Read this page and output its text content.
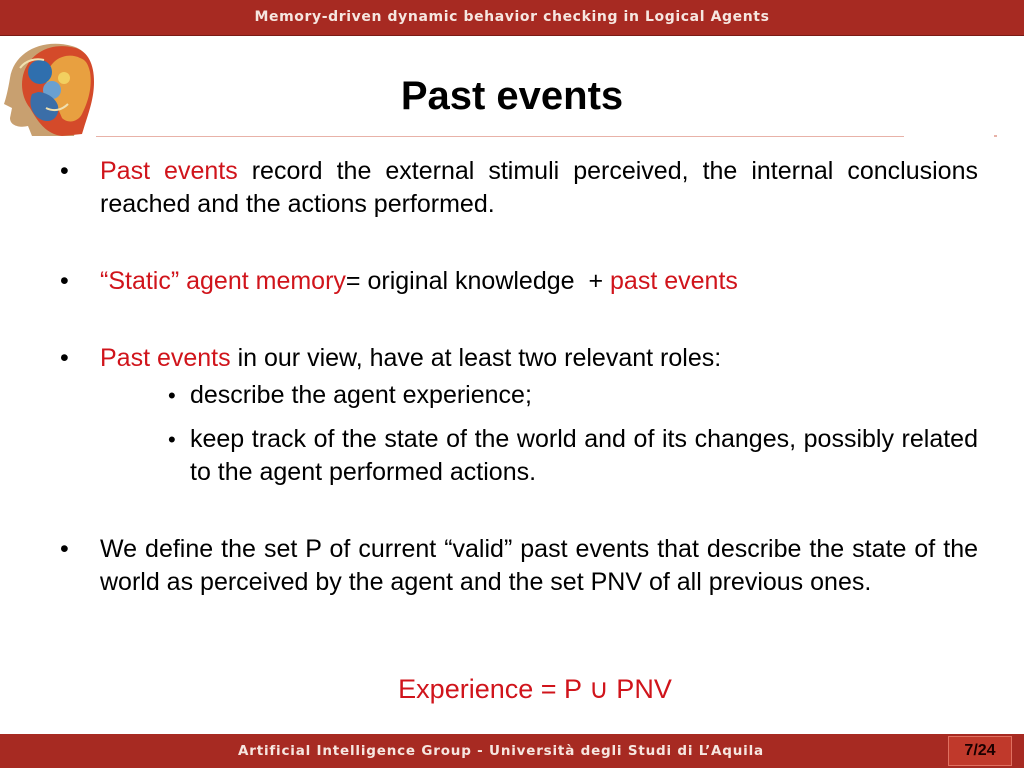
Memory-driven dynamic behavior checking in Logical Agents
Past events
• Past events record the external stimuli perceived, the internal conclusions reached and the actions performed.
• “Static” agent memory= original knowledge + past events
• Past events in our view, have at least two relevant roles:
• describe the agent experience;
• keep track of the state of the world and of its changes, possibly related to the agent performed actions.
• We define the set P of current “valid” past events that describe the state of the world as perceived by the agent and the set PNV of all previous ones.
Experience = P ∪ PNV
Artificial Intelligence Group - Università degli Studi di L’Aquila	7/24
